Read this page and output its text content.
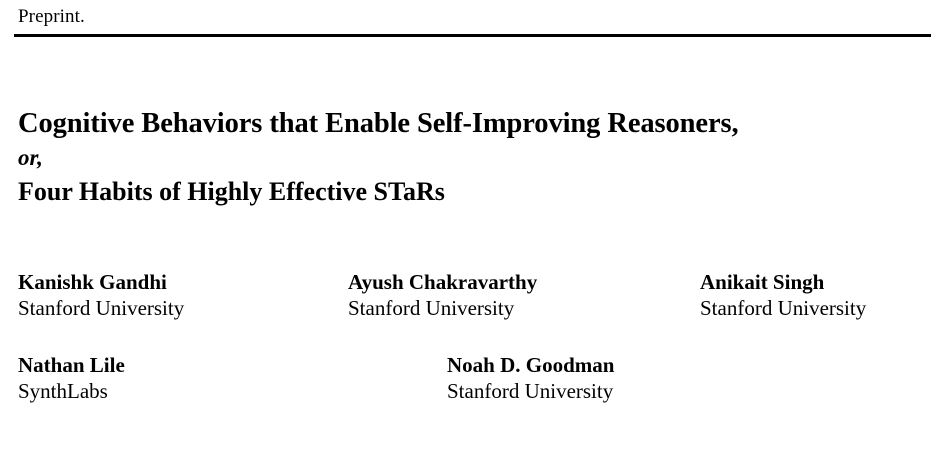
Preprint.
Cognitive Behaviors that Enable Self-Improving Reasoners,
or,
Four Habits of Highly Effective STaRs
Kanishk Gandhi
Stanford University
Ayush Chakravarthy
Stanford University
Anikait Singh
Stanford University
Nathan Lile
SynthLabs
Noah D. Goodman
Stanford University
